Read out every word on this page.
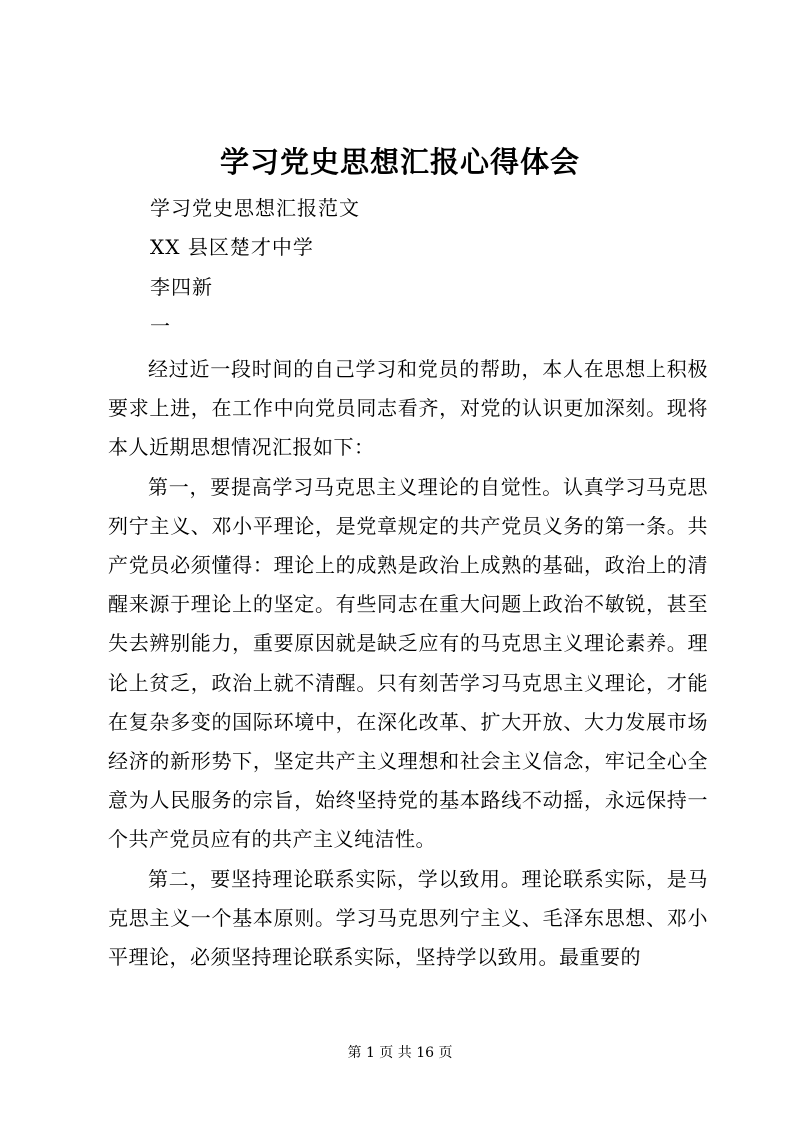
学习党史思想汇报心得体会
学习党史思想汇报范文
XX 县区楚才中学
李四新
一

经过近一段时间的自己学习和党员的帮助，本人在思想上积极要求上进，在工作中向党员同志看齐，对党的认识更加深刻。现将本人近期思想情况汇报如下：

第一，要提高学习马克思主义理论的自觉性。认真学习马克思列宁主义、邓小平理论，是党章规定的共产党员义务的第一条。共产党员必须懂得：理论上的成熟是政治上成熟的基础，政治上的清醒来源于理论上的坚定。有些同志在重大问题上政治不敏锐，甚至失去辨别能力，重要原因就是缺乏应有的马克思主义理论素养。理论上贫乏，政治上就不清醒。只有刻苦学习马克思主义理论，才能在复杂多变的国际环境中，在深化改革、扩大开放、大力发展市场经济的新形势下，坚定共产主义理想和社会主义信念，牢记全心全意为人民服务的宗旨，始终坚持党的基本路线不动摇，永远保持一个共产党员应有的共产主义纯洁性。

第二，要坚持理论联系实际，学以致用。理论联系实际，是马克思主义一个基本原则。学习马克思列宁主义、毛泽东思想、邓小平理论，必须坚持理论联系实际，坚持学以致用。最重要的

第 1 页 共 16 页
